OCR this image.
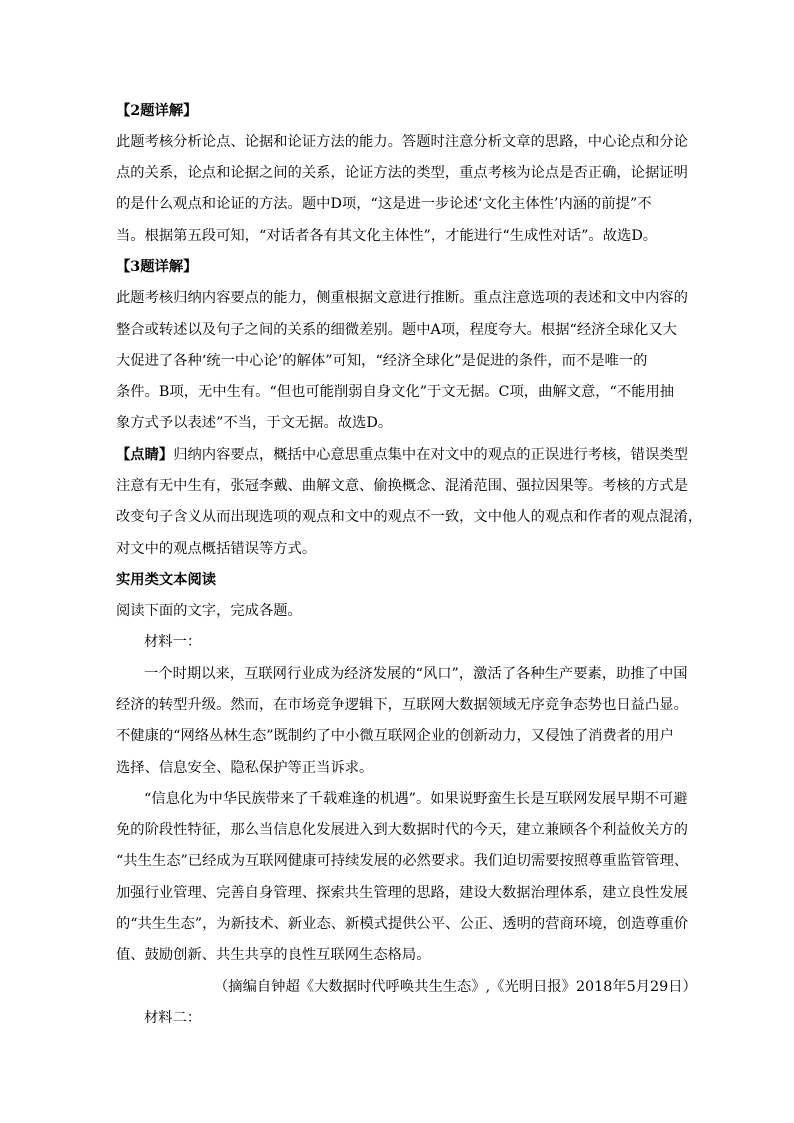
【2题详解】
此题考核分析论点、论据和论证方法的能力。答题时注意分析文章的思路，中心论点和分论
点的关系，论点和论据之间的关系，论证方法的类型，重点考核为论点是否正确，论据证明
的是什么观点和论证的方法。题中D项，“这是进一步论述‘文化主体性’内涵的前提”不
当。根据第五段可知，“对话者各有其文化主体性”，才能进行“生成性对话”。故选D。
【3题详解】
此题考核归纳内容要点的能力，侧重根据文意进行推断。重点注意选项的表述和文中内容的
整合或转述以及句子之间的关系的细微差别。题中A项，程度夸大。根据“经济全球化又大
大促进了各种‘统一中心论’的解体”可知，“经济全球化”是促进的条件，而不是唯一的
条件。B项，无中生有。“但也可能削弱自身文化”于文无据。C项，曲解文意，“不能用抽
象方式予以表述”不当，于文无据。故选D。
【点睛】归纳内容要点，概括中心意思重点集中在对文中的观点的正误进行考核，错误类型
注意有无中生有，张冠李戴、曲解文意、偷换概念、混淆范围、强拉因果等。考核的方式是
改变句子含义从而出现选项的观点和文中的观点不一致，文中他人的观点和作者的观点混淆，
对文中的观点概括错误等方式。
实用类文本阅读
阅读下面的文字，完成各题。
材料一：
一个时期以来，互联网行业成为经济发展的“风口”，激活了各种生产要素，助推了中国
经济的转型升级。然而，在市场竞争逻辑下，互联网大数据领域无序竞争态势也日益凸显。
不健康的“网络丛林生态”既制约了中小微互联网企业的创新动力，又侵蚀了消费者的用户
选择、信息安全、隐私保护等正当诉求。
“信息化为中华民族带来了千载难逢的机遇”。如果说野蛮生长是互联网发展早期不可避
免的阶段性特征，那么当信息化发展进入到大数据时代的今天，建立兼顾各个利益攸关方的
“共生生态”已经成为互联网健康可持续发展的必然要求。我们迫切需要按照尊重监管管理、
加强行业管理、完善自身管理、探索共生管理的思路，建设大数据治理体系，建立良性发展
的“共生生态”，为新技术、新业态、新模式提供公平、公正、透明的营商环境，创造尊重价
值、鼓励创新、共生共享的良性互联网生态格局。
（摘编自钟超《大数据时代呼唤共生生态》,《光明日报》2018年5月29日）
材料二：
